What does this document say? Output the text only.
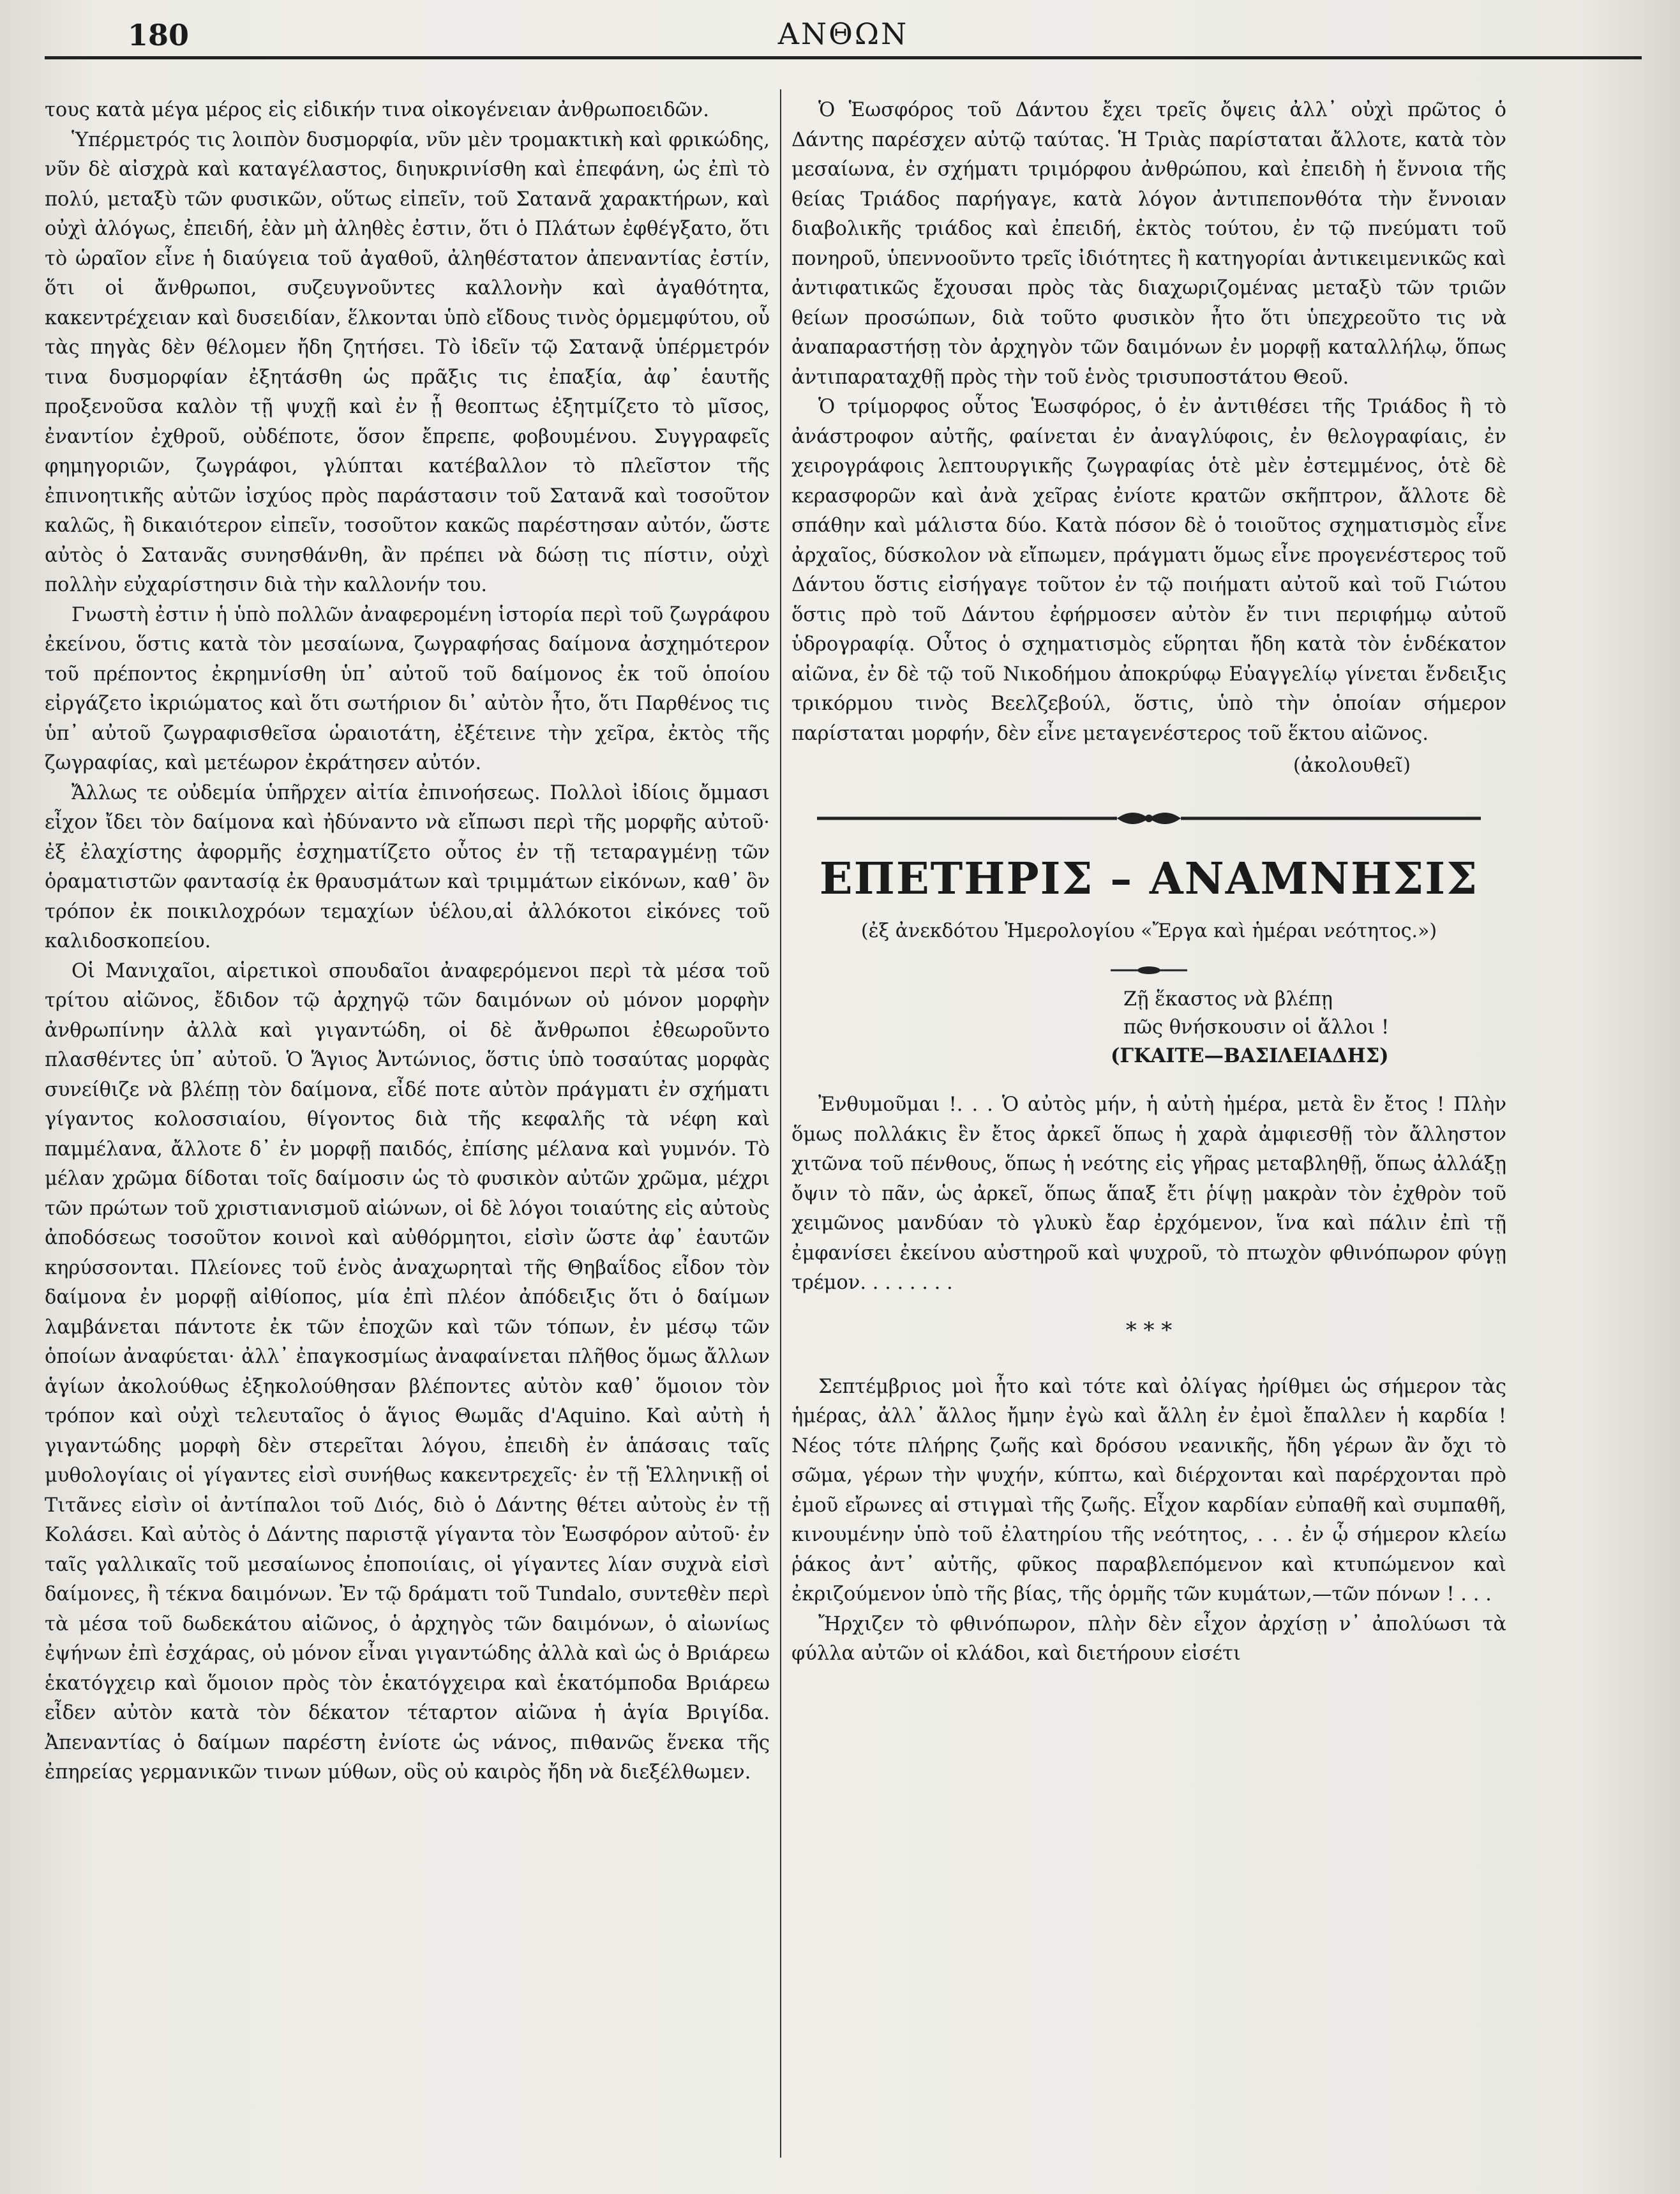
180	ΑΝΘΩΝ

τους κατὰ μέγα μέρος εἰς εἰδικήν τινα οἰκογένειαν ἀνθρωποειδῶν.

Ὑπέρμετρός τις λοιπὸν δυσμορφία, νῦν μὲν τρομακτικὴ καὶ φρικώδης, νῦν δὲ αἰσχρὰ καὶ καταγέλαστος, διηυκρινίσθη καὶ ἐπεφάνη, ὡς ἐπὶ τὸ πολύ, μεταξὺ τῶν φυσικῶν, οὕτως εἰπεῖν, τοῦ Σατανᾶ χαρακτήρων, καὶ οὐχὶ ἀλόγως, ἐπειδή, ἐὰν μὴ ἀληθὲς ἐστιν, ὅτι ὁ Πλάτων ἐφθέγξατο, ὅτι τὸ ὡραῖον εἶνε ἡ διαύγεια τοῦ ἀγαθοῦ, ἀληθέστατον ἀπεναντίας ἐστίν, ὅτι οἱ ἄνθρωποι, συζευγνοῦντες καλλονὴν καὶ ἀγαθότητα, κακεντρέχειαν καὶ δυσειδίαν, ἕλκονται ὑπὸ εἴδους τινὸς ὁρμεμφύτου, οὗ τὰς πηγὰς δὲν θέλομεν ἤδη ζητήσει. Τὸ ἰδεῖν τῷ Σατανᾷ ὑπέρμετρόν τινα δυσμορφίαν ἐξητάσθη ὡς πρᾶξις τις ἐπαξία, ἀφ᾽ ἑαυτῆς προξενοῦσα καλὸν τῇ ψυχῇ καὶ ἐν ᾗ θεοπτως ἐξητμίζετο τὸ μῖσος, ἐναντίον ἐχθροῦ, οὐδέποτε, ὅσον ἔπρεπε, φοβουμένου. Συγγραφεῖς φημηγοριῶν, ζωγράφοι, γλύπται κατέβαλλον τὸ πλεῖστον τῆς ἐπινοητικῆς αὐτῶν ἰσχύος πρὸς παράστασιν τοῦ Σατανᾶ καὶ τοσοῦτον καλῶς, ἢ δικαιότερον εἰπεῖν, τοσοῦτον κακῶς παρέστησαν αὐτόν, ὥστε αὐτὸς ὁ Σατανᾶς συνησθάνθη, ἂν πρέπει νὰ δώσῃ τις πίστιν, οὐχὶ πολλὴν εὐχαρίστησιν διὰ τὴν καλλονήν του.

Γνωστὴ ἐστιν ἡ ὑπὸ πολλῶν ἀναφερομένη ἱστορία περὶ τοῦ ζωγράφου ἐκείνου, ὅστις κατὰ τὸν μεσαίωνα, ζωγραφήσας δαίμονα ἀσχημότερον τοῦ πρέποντος ἐκρημνίσθη ὑπ᾽ αὐτοῦ τοῦ δαίμονος ἐκ τοῦ ὁποίου εἰργάζετο ἰκριώματος καὶ ὅτι σωτήριον δι᾽ αὐτὸν ἦτο, ὅτι Παρθένος τις ὑπ᾽ αὐτοῦ ζωγραφισθεῖσα ὡραιοτάτη, ἐξέτεινε τὴν χεῖρα, ἐκτὸς τῆς ζωγραφίας, καὶ μετέωρον ἐκράτησεν αὐτόν.

Ἄλλως τε οὐδεμία ὑπῆρχεν αἰτία ἐπινοήσεως. Πολλοὶ ἰδίοις ὄμμασι εἶχον ἴδει τὸν δαίμονα καὶ ἠδύναντο νὰ εἴπωσι περὶ τῆς μορφῆς αὐτοῦ· ἐξ ἐλαχίστης ἀφορμῆς ἐσχηματίζετο οὗτος ἐν τῇ τεταραγμένῃ τῶν ὁραματιστῶν φαντασίᾳ ἐκ θραυσμάτων καὶ τριμμάτων εἰκόνων, καθ᾽ ὃν τρόπον ἐκ ποικιλοχρόων τεμαχίων ὑέλου,αἱ ἀλλόκοτοι εἰκόνες τοῦ καλιδοσκοπείου.

Οἱ Μανιχαῖοι, αἱρετικοὶ σπουδαῖοι ἀναφερόμενοι περὶ τὰ μέσα τοῦ τρίτου αἰῶνος, ἔδιδον τῷ ἀρχηγῷ τῶν δαιμόνων οὐ μόνον μορφὴν ἀνθρωπίνην ἀλλὰ καὶ γιγαντώδη, οἱ δὲ ἄνθρωποι ἐθεωροῦντο πλασθέντες ὑπ᾽ αὐτοῦ. Ὁ Ἅγιος Ἀντώνιος, ὅστις ὑπὸ τοσαύτας μορφὰς συνείθιζε νὰ βλέπῃ τὸν δαίμονα, εἶδέ ποτε αὐτὸν πράγματι ἐν σχήματι γίγαντος κολοσσιαίου, θίγοντος διὰ τῆς κεφαλῆς τὰ νέφη καὶ παμμέλανα, ἄλλοτε δ᾽ ἐν μορφῇ παιδός, ἐπίσης μέλανα καὶ γυμνόν. Τὸ μέλαν χρῶμα δίδοται τοῖς δαίμοσιν ὡς τὸ φυσικὸν αὐτῶν χρῶμα, μέχρι τῶν πρώτων τοῦ χριστιανισμοῦ αἰώνων, οἱ δὲ λόγοι τοιαύτης εἰς αὐτοὺς ἀποδόσεως τοσοῦτον κοινοὶ καὶ αὐθόρμητοι, εἰσὶν ὥστε ἀφ᾽ ἑαυτῶν κηρύσσονται. Πλείονες τοῦ ἑνὸς ἀναχωρηταὶ τῆς Θηβαΐδος εἶδον τὸν δαίμονα ἐν μορφῇ αἰθίοπος, μία ἐπὶ πλέον ἀπόδειξις ὅτι ὁ δαίμων λαμβάνεται πάντοτε ἐκ τῶν ἐποχῶν καὶ τῶν τόπων, ἐν μέσῳ τῶν ὁποίων ἀναφύεται· ἀλλ᾽ ἐπαγκοσμίως ἀναφαίνεται πλῆθος ὅμως ἄλλων ἁγίων ἀκολούθως ἐξηκολούθησαν βλέποντες αὐτὸν καθ᾽ ὅμοιον τὸν τρόπον καὶ οὐχὶ τελευταῖος ὁ ἅγιος Θωμᾶς d'Aquino. Καὶ αὐτὴ ἡ γιγαντώδης μορφὴ δὲν στερεῖται λόγου, ἐπειδὴ ἐν ἁπάσαις ταῖς μυθολογίαις οἱ γίγαντες εἰσὶ συνήθως κακεντρεχεῖς· ἐν τῇ Ἑλληνικῇ οἱ Τιτᾶνες εἰσὶν οἱ ἀντίπαλοι τοῦ Διός, διὸ ὁ Δάντης θέτει αὐτοὺς ἐν τῇ Κολάσει. Καὶ αὐτὸς ὁ Δάντης παριστᾷ γίγαντα τὸν Ἑωσφόρον αὐτοῦ· ἐν ταῖς γαλλικαῖς τοῦ μεσαίωνος ἐποποιίαις, οἱ γίγαντες λίαν συχνὰ εἰσὶ δαίμονες, ἢ τέκνα δαιμόνων. Ἐν τῷ δράματι τοῦ Tundalo, συντεθὲν περὶ τὰ μέσα τοῦ δωδεκάτου αἰῶνος, ὁ ἀρχηγὸς τῶν δαιμόνων, ὁ αἰωνίως ἐψήνων ἐπὶ ἐσχάρας, οὐ μόνον εἶναι γιγαντώδης ἀλλὰ καὶ ὡς ὁ Βριάρεω ἑκατόγχειρ καὶ ὅμοιον πρὸς τὸν ἑκατόγχειρα καὶ ἑκατόμποδα Βριάρεω εἶδεν αὐτὸν κατὰ τὸν δέκατον τέταρτον αἰῶνα ἡ ἁγία Βριγίδα. Ἀπεναντίας ὁ δαίμων παρέστη ἐνίοτε ὡς νάνος, πιθανῶς ἕνεκα τῆς ἐπηρείας γερμανικῶν τινων μύθων, οὓς οὐ καιρὸς ἤδη νὰ διεξέλθωμεν.

Ὁ Ἑωσφόρος τοῦ Δάντου ἔχει τρεῖς ὄψεις ἀλλ᾽ οὐχὶ πρῶτος ὁ Δάντης παρέσχεν αὐτῷ ταύτας. Ἡ Τριὰς παρίσταται ἄλλοτε, κατὰ τὸν μεσαίωνα, ἐν σχήματι τριμόρφου ἀνθρώπου, καὶ ἐπειδὴ ἡ ἔννοια τῆς θείας Τριάδος παρήγαγε, κατὰ λόγον ἀντιπεπονθότα τὴν ἔννοιαν διαβολικῆς τριάδος καὶ ἐπειδή, ἐκτὸς τούτου, ἐν τῷ πνεύματι τοῦ πονηροῦ, ὑπεννοοῦντο τρεῖς ἰδιότητες ἢ κατηγορίαι ἀντικειμενικῶς καὶ ἀντιφατικῶς ἔχουσαι πρὸς τὰς διαχωριζομένας μεταξὺ τῶν τριῶν θείων προσώπων, διὰ τοῦτο φυσικὸν ἦτο ὅτι ὑπεχρεοῦτο τις νὰ ἀναπαραστήσῃ τὸν ἀρχηγὸν τῶν δαιμόνων ἐν μορφῇ καταλλήλῳ, ὅπως ἀντιπαραταχθῇ πρὸς τὴν τοῦ ἑνὸς τρισυποστάτου Θεοῦ.

Ὁ τρίμορφος οὗτος Ἑωσφόρος, ὁ ἐν ἀντιθέσει τῆς Τριάδος ἢ τὸ ἀνάστροφον αὐτῆς, φαίνεται ἐν ἀναγλύφοις, ἐν θελογραφίαις, ἐν χειρογράφοις λεπτουργικῆς ζωγραφίας ὁτὲ μὲν ἐστεμμένος, ὁτὲ δὲ κερασφορῶν καὶ ἀνὰ χεῖρας ἐνίοτε κρατῶν σκῆπτρον, ἄλλοτε δὲ σπάθην καὶ μάλιστα δύο. Κατὰ πόσον δὲ ὁ τοιοῦτος σχηματισμὸς εἶνε ἀρχαῖος, δύσκολον νὰ εἴπωμεν, πράγματι ὅμως εἶνε προγενέστερος τοῦ Δάντου ὅστις εἰσήγαγε τοῦτον ἐν τῷ ποιήματι αὐτοῦ καὶ τοῦ Γιώτου ὅστις πρὸ τοῦ Δάντου ἐφήρμοσεν αὐτὸν ἔν τινι περιφήμῳ αὐτοῦ ὑδρογραφίᾳ. Οὗτος ὁ σχηματισμὸς εὕρηται ἤδη κατὰ τὸν ἑνδέκατον αἰῶνα, ἐν δὲ τῷ τοῦ Νικοδήμου ἀποκρύφῳ Εὐαγγελίῳ γίνεται ἔνδειξις τρικόρμου τινὸς Βεελζεβούλ, ὅστις, ὑπὸ τὴν ὁποίαν σήμερον παρίσταται μορφήν, δὲν εἶνε μεταγενέστερος τοῦ ἕκτου αἰῶνος.

(ἀκολουθεῖ)

ΕΠΕΤΗΡΙΣ – ΑΝΑΜΝΗΣΙΣ

(ἐξ ἀνεκδότου Ἡμερολογίου «Ἔργα καὶ ἡμέραι νεότητος.»)

Ζῇ ἕκαστος νὰ βλέπῃ
πῶς θνήσκουσιν οἱ ἄλλοι !
(ΓΚΑΙΤΕ—ΒΑΣΙΛΕΙΑΔΗΣ)

Ἐνθυμοῦμαι !. . . Ὁ αὐτὸς μήν, ἡ αὐτὴ ἡμέρα, μετὰ ἓν ἔτος ! Πλὴν ὅμως πολλάκις ἓν ἔτος ἀρκεῖ ὅπως ἡ χαρὰ ἀμφιεσθῇ τὸν ἄλληστον χιτῶνα τοῦ πένθους, ὅπως ἡ νεότης εἰς γῆρας μεταβληθῇ, ὅπως ἀλλάξῃ ὄψιν τὸ πᾶν, ὡς ἀρκεῖ, ὅπως ἅπαξ ἔτι ῥίψῃ μακρὰν τὸν ἐχθρὸν τοῦ χειμῶνος μανδύαν τὸ γλυκὺ ἔαρ ἐρχόμενον, ἵνα καὶ πάλιν ἐπὶ τῇ ἐμφανίσει ἐκείνου αὐστηροῦ καὶ ψυχροῦ, τὸ πτωχὸν φθινόπωρον φύγῃ τρέμον. . . . . . . .

* * *

Σεπτέμβριος μοὶ ἦτο καὶ τότε καὶ ὀλίγας ἠρίθμει ὡς σήμερον τὰς ἡμέρας, ἀλλ᾽ ἄλλος ἤμην ἐγὼ καὶ ἄλλη ἐν ἐμοὶ ἔπαλλεν ἡ καρδία ! Νέος τότε πλήρης ζωῆς καὶ δρόσου νεανικῆς, ἤδη γέρων ἂν ὄχι τὸ σῶμα, γέρων τὴν ψυχήν, κύπτω, καὶ διέρχονται καὶ παρέρχονται πρὸ ἐμοῦ εἴρωνες αἱ στιγμαὶ τῆς ζωῆς. Εἶχον καρδίαν εὐπαθῆ καὶ συμπαθῆ, κινουμένην ὑπὸ τοῦ ἐλατηρίου τῆς νεότητος, . . . ἐν ᾧ σήμερον κλείω ῥάκος ἀντ᾽ αὐτῆς, φῦκος παραβλεπόμενον καὶ κτυπώμενον καὶ ἐκριζούμενον ὑπὸ τῆς βίας, τῆς ὁρμῆς τῶν κυμάτων,—τῶν πόνων ! . . .

Ἤρχιζεν τὸ φθινόπωρον, πλὴν δὲν εἶχον ἀρχίσῃ ν᾽ ἀπολύωσι τὰ φύλλα αὐτῶν οἱ κλάδοι, καὶ διετήρουν εἰσέτι
